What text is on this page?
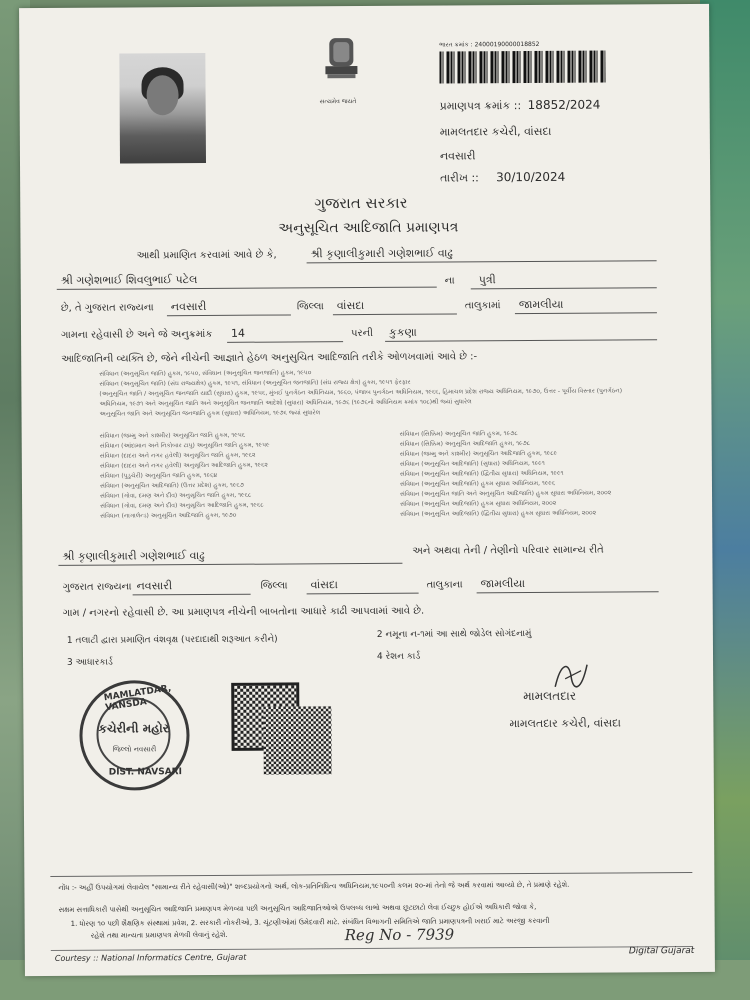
સત્યમેવ જયતે
ભારત ક્રમાંક : 24000190000018852
પ્રમાણપત્ર ક્રમાંક :: 18852/2024
મામલતદાર કચેરી, વાંસદા
નવસારી
તારીખ :: 30/10/2024
ગુજરાત સરકાર
અનુસૂચિત આદિજાતિ પ્રમાણપત્ર
આથી પ્રમાણિત કરવામાં આવે છે કે,	શ્રી કૃણાલીકુમારી ગણેશભાઈ વાઢુ
શ્રી ગણેશભાઈ શિવલુભાઈ પટેલ	ના પુત્રી
છે, તે ગુજરાત રાજ્યના નવસારી	જિલ્લા વાંસદા	તાલુકામાં જામલીયા
ગામના રહેવાસી છે અને જે અનુક્રમાંક 14	પરની કુકણા
આદિજાતિની વ્યક્તિ છે, જેને નીચેની આજ્ઞાતે હેઠળ અનુસુચિત આદિજાતિ તરીકે ઓળખવામાં આવે છે :-
સંવિધાન (અનુસૂચિત જાતિ) હુકમ, ૧૯૫૦, સંવિધાન (અનુસૂચિત જનજાતિ) હુકમ, ૧૯૫૦
સંવિધાન (અનુસૂચિત જાતિ) (સંઘ રાજ્યક્ષેત્ર) હુકમ, ૧૯૫૧, સંવિધાન (અનુસૂચિત જનજાતિ) (સંઘ રાજ્ય ક્ષેત્ર) હુકમ, ૧૯૫૧ ફેરફાર
(અનુસૂચિત જાતિ / અનુસૂચિત જનજાતિ યાદી (સુધારા) હુકમ, ૧૯૫૬, મુંબઈ પુનર્ગઠન અધિનિયમ, ૧૯૬૦, પંજાબ પુનર્ગઠન અધિનિયમ, ૧૯૬૬, હિમાચલ પ્રદેશ રાજ્ય અધિનિયમ, ૧૯૭૦, ઉત્તર - પૂર્વીય વિસ્તાર (પુનર્ગઠન)
અધિનિયમ, ૧૯૭૧ અને અનુસૂચિત જાતિ અને અનુસૂચિત જનજાતિ આદેશો (સુધારા) અધિનિયમ, ૧૯૭૬ (૧૯૭૬નો અધિનિયમ ક્રમાંક ૧૦૮)થી જ્યાં સુધારેલ
અનુસૂચિત જાતિ અને અનુસૂચિત જનજાતિ હુકમ (સુધારા) અધિનિયમ, ૧૯૭૬ જ્યાં સુધારેલ
સંવિધાન (જમ્મુ અને કાશ્મીર) અનુસૂચિત જાતિ હુકમ, ૧૯૫૬
સંવિધાન (આંદામાન અને નિકોબાર ટાપુ) અનુસૂચિત જાતિ હુકમ, ૧૯૫૯
સંવિધાન (દાદરા અને નગર હવેલી) અનુસૂચિત જાતિ હુકમ, ૧૯૬૨
સંવિધાન (દાદરા અને નગર હવેલી) અનુસૂચિત આદિજાતિ હુકમ, ૧૯૬૨
સંવિધાન (પુડુચેરી) અનુસૂચિત જાતિ હુકમ, ૧૯૬૪
સંવિધાન (અનુસૂચિત આદિજાતિ) (ઉત્તર પ્રદેશ) હુકમ, ૧૯૬૭
સંવિધાન (ગોવા, દમણ અને દીવ) અનુસૂચિત જાતિ હુકમ, ૧૯૬૮
સંવિધાન (ગોવા, દમણ અને દીવ) અનુસૂચિત આદિજાતિ હુકમ, ૧૯૬૮
સંવિધાન (નાગાલેન્ડ) અનુસૂચિત આદિજાતિ હુકમ, ૧૯૭૦
સંવિધાન (સિક્કિમ) અનુસૂચિત જાતિ હુકમ, ૧૯૭૮
સંવિધાન (સિક્કિમ) અનુસૂચિત આદિજાતિ હુકમ, ૧૯૭૮
સંવિધાન (જમ્મુ અને કાશ્મીર) અનુસૂચિત આદિજાતિ હુકમ, ૧૯૮૯
સંવિધાન (અનુસૂચિત આદિજાતિ) (સુધારા) અધિનિયમ, ૧૯૯૧
સંવિધાન (અનુસૂચિત આદિજાતિ) (દ્વિતીય સુધારા) અધિનિયમ, ૧૯૯૧
સંવિધાન (અનુસૂચિત આદિજાતિ) હુકમ સુધારા અધિનિયમ, ૧૯૯૬
સંવિધાન (અનુસૂચિત જાતિ અને અનુસૂચિત આદિજાતિ) હુકમ સુધારા અધિનિયમ, ૨૦૦૨
સંવિધાન (અનુસૂચિત આદિજાતિ) હુકમ સુધારા અધિનિયમ, ૨૦૦૨
સંવિધાન (અનુસૂચિત આદિજાતિ) (દ્વિતીય સુધારા) હુકમ સુધારા અધિનિયમ, ૨૦૦૨
શ્રી કૃણાલીકુમારી ગણેશભાઈ વાઢુ	અને અથવા તેની / તેણીનો પરિવાર સામાન્ય રીતે
ગુજરાત રાજ્યના નવસારી	જિલ્લા વાંસદા	તાલુકાના જામલીયા
ગામ / નગરનો રહેવાસી છે. આ પ્રમાણપત્ર નીચેની બાબતોના આધારે કાઢી આપવામાં આવે છે.
1 તલાટી દ્વારા પ્રમાણિત વંશવૃક્ષ (પરદાદાથી શરૂઆત કરીને)
2 નમૂના ન-૧માં આ સાથે જોડેલ સોગંદનામું
3 આધારકાર્ડ
4 રેશન કાર્ડ
MAMLATDAR, VANSDA
કચેરીની મહોર
જિલ્લો નવસારી
DIST. NAVSARI
મામલતદાર
મામલતદાર કચેરી, વાંસદા
નોંધ :- અહીં ઉપયોગમાં લેવાયેલ "સામાન્ય રીતે રહેવાસી(ઓ)" શબ્દપ્રયોગનો અર્થ, લોક-પ્રતિનિધિત્વ અધિનિયમ,૧૯૫૦ની કલમ ૨૦-માં તેનો જે અર્થ કરવામાં આવ્યો છે, તે પ્રમાણે રહેશે.
સક્ષમ સત્તાધિકારી પાસેથી અનુસૂચિત આદિજાતિ પ્રમાણપત્ર મેળવ્યા પછી અનુસૂચિત આદિજાતિઓએ ઉપલબ્ધ લાભો અથવા છૂટછાટો લેવા ઈચ્છુક હોઈએ અધિકારી જોવા કે,
1. ધોરણ ૧૦ પછી શૈક્ષણિક સંસ્થામાં પ્રવેશ, 2. સરકારી નોકરીઓ, 3. ચૂંટણીઓમાં ઉમેદવારી માટે. સંબંધિત વિભાગની સમિતિએ જાતિ પ્રમાણપત્રની ખરાઈ માટે અરજી કરવાની
રહેશે તથા માન્યતા પ્રમાણપત્ર મેળવી લેવાનું રહેશે.	Reg No - 7939
Courtesy :: National Informatics Centre, Gujarat
Digital Gujarat
